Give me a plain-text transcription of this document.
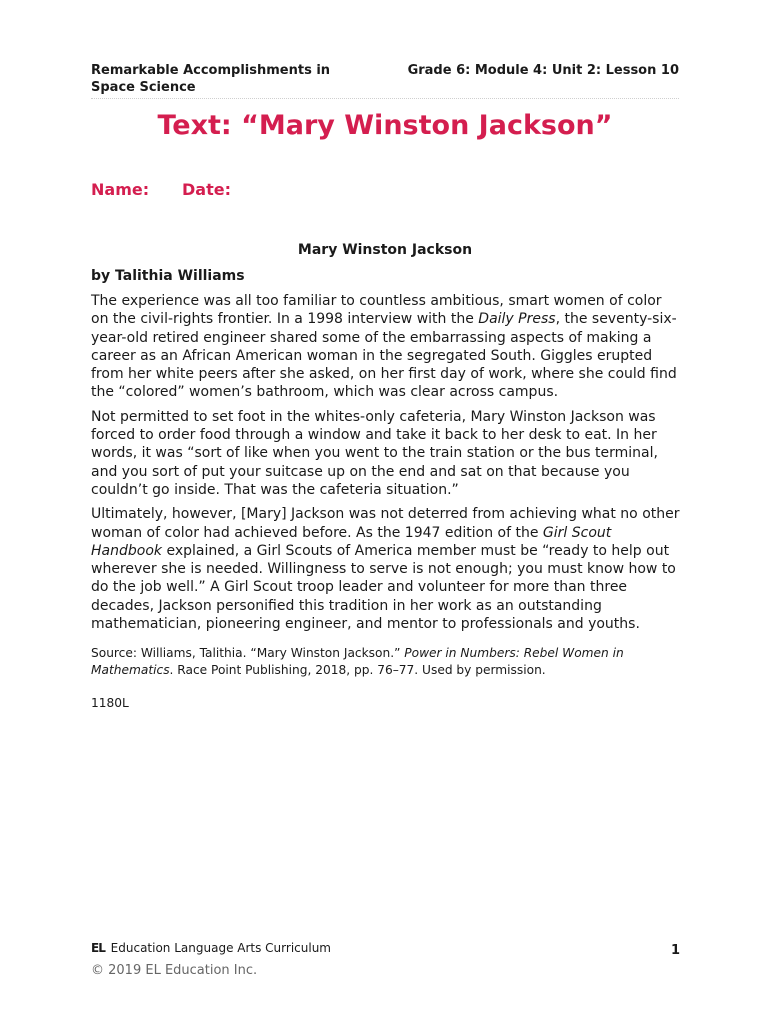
Remarkable Accomplishments in Space Science
Grade 6: Module 4: Unit 2: Lesson 10
Text: “Mary Winston Jackson”
Name: Date:
Mary Winston Jackson
by Talithia Williams

The experience was all too familiar to countless ambitious, smart women of color on the civil-rights frontier. In a 1998 interview with the Daily Press, the seventy-six-year-old retired engineer shared some of the embarrassing aspects of making a career as an African American woman in the segregated South. Giggles erupted from her white peers after she asked, on her first day of work, where she could find the “colored” women’s bathroom, which was clear across campus.

Not permitted to set foot in the whites-only cafeteria, Mary Winston Jackson was forced to order food through a window and take it back to her desk to eat. In her words, it was “sort of like when you went to the train station or the bus terminal, and you sort of put your suitcase up on the end and sat on that because you couldn’t go inside. That was the cafeteria situation.”

Ultimately, however, [Mary] Jackson was not deterred from achieving what no other woman of color had achieved before. As the 1947 edition of the Girl Scout Handbook explained, a Girl Scouts of America member must be “ready to help out wherever she is needed. Willingness to serve is not enough; you must know how to do the job well.” A Girl Scout troop leader and volunteer for more than three decades, Jackson personified this tradition in her work as an outstanding mathematician, pioneering engineer, and mentor to professionals and youths.

Source: Williams, Talithia. “Mary Winston Jackson.” Power in Numbers: Rebel Women in Mathematics. Race Point Publishing, 2018, pp. 76–77. Used by permission.

1180L

EL Education Language Arts Curriculum	1
© 2019 EL Education Inc.
